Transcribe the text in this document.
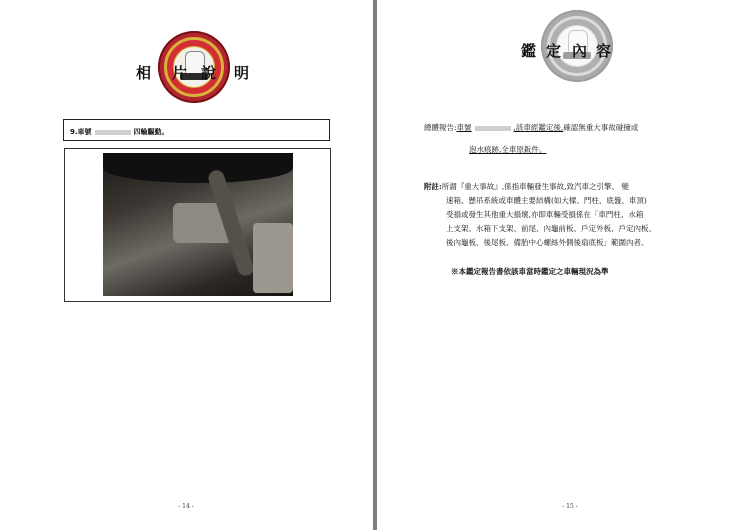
相 片 說 明
9.車號	四輪驅動。
- 14 -
鑑 定 內 容
總體報告:車號	,該車經鑑定後,確認無重大事故碰撞或
泡水痕跡,全車原鈑件。
附註:所謂『重大事故』,係指車輛發生事故,致汽車之引擎、 變
速箱、懸吊系統或車體主要結構(如大樑、門柱、底盤、車頂)
受損或發生其他重大損壞,亦即車輛受損係在「車門柱、水箱
上支架、水箱下支架、前尾、內龜前板、戶定外板、戶定內板、
後內龜板、後尾板、備胎中心螺絲外側後扇底板」範圍內者。
※本鑑定報告書依該車當時鑑定之車輛現況為準
- 15 -
